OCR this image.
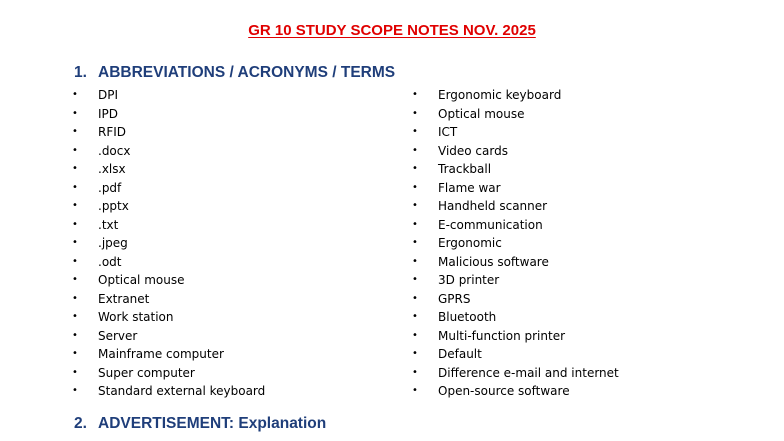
GR 10 STUDY SCOPE NOTES NOV. 2025
1. ABBREVIATIONS / ACRONYMS / TERMS
• DPI
• IPD
• RFID
• .docx
• .xlsx
• .pdf
• .pptx
• .txt
• .jpeg
• .odt
• Optical mouse
• Extranet
• Work station
• Server
• Mainframe computer
• Super computer
• Standard external keyboard
• Ergonomic keyboard
• Optical mouse
• ICT
• Video cards
• Trackball
• Flame war
• Handheld scanner
• E-communication
• Ergonomic
• Malicious software
• 3D printer
• GPRS
• Bluetooth
• Multi-function printer
• Default
• Difference e-mail and internet
• Open-source software
2. ADVERTISEMENT: Explanation
